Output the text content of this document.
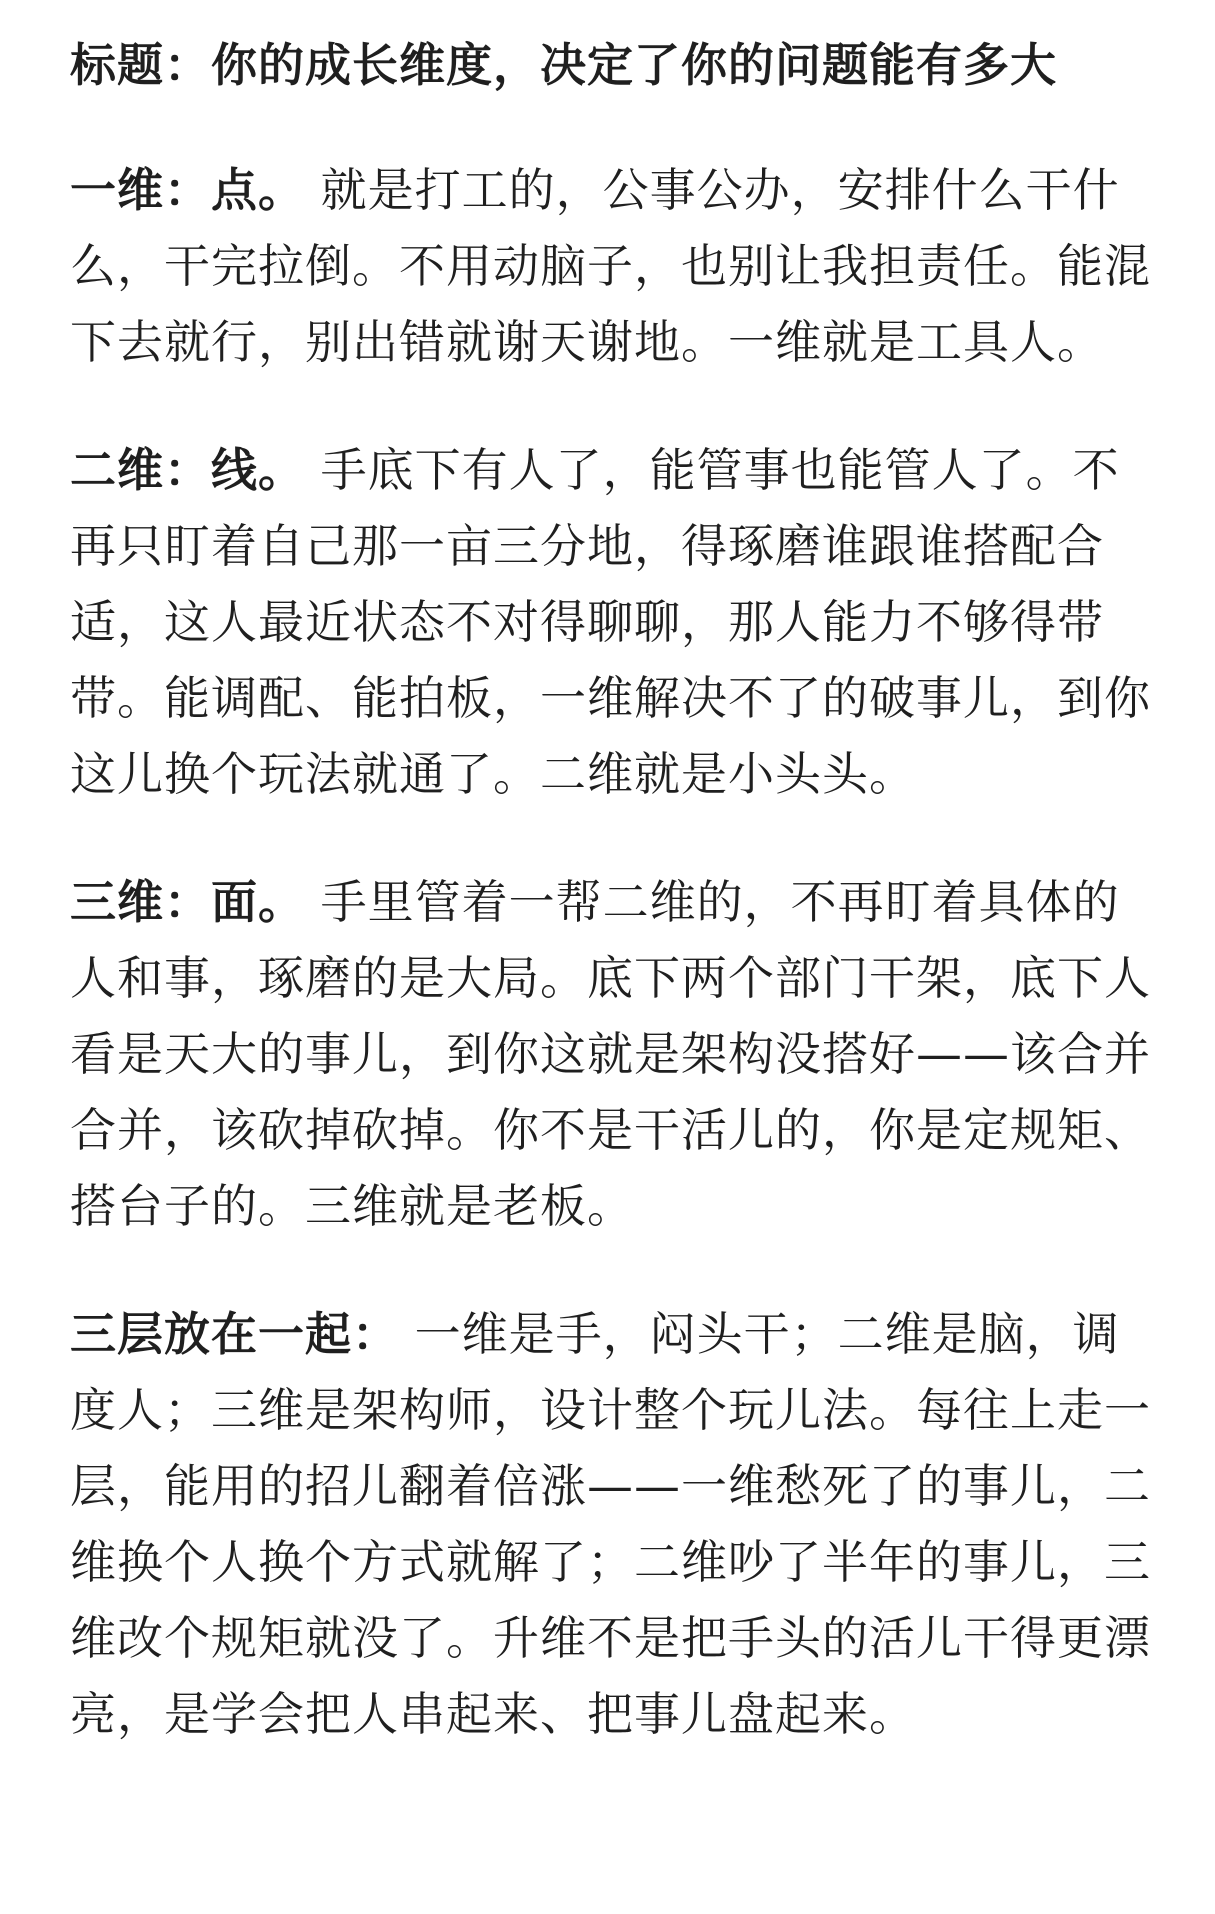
标题：你的成长维度，决定了你的问题能有多大

一维：点。 就是打工的，公事公办，安排什么干什么，干完拉倒。不用动脑子，也别让我担责任。能混下去就行，别出错就谢天谢地。一维就是工具人。

二维：线。 手底下有人了，能管事也能管人了。不再只盯着自己那一亩三分地，得琢磨谁跟谁搭配合适，这人最近状态不对得聊聊，那人能力不够得带带。能调配、能拍板，一维解决不了的破事儿，到你这儿换个玩法就通了。二维就是小头头。

三维：面。 手里管着一帮二维的，不再盯着具体的人和事，琢磨的是大局。底下两个部门干架，底下人看是天大的事儿，到你这就是架构没搭好——该合并合并，该砍掉砍掉。你不是干活儿的，你是定规矩、搭台子的。三维就是老板。

三层放在一起： 一维是手，闷头干；二维是脑，调度人；三维是架构师，设计整个玩儿法。每往上走一层，能用的招儿翻着倍涨——一维愁死了的事儿，二维换个人换个方式就解了；二维吵了半年的事儿，三维改个规矩就没了。升维不是把手头的活儿干得更漂亮，是学会把人串起来、把事儿盘起来。
